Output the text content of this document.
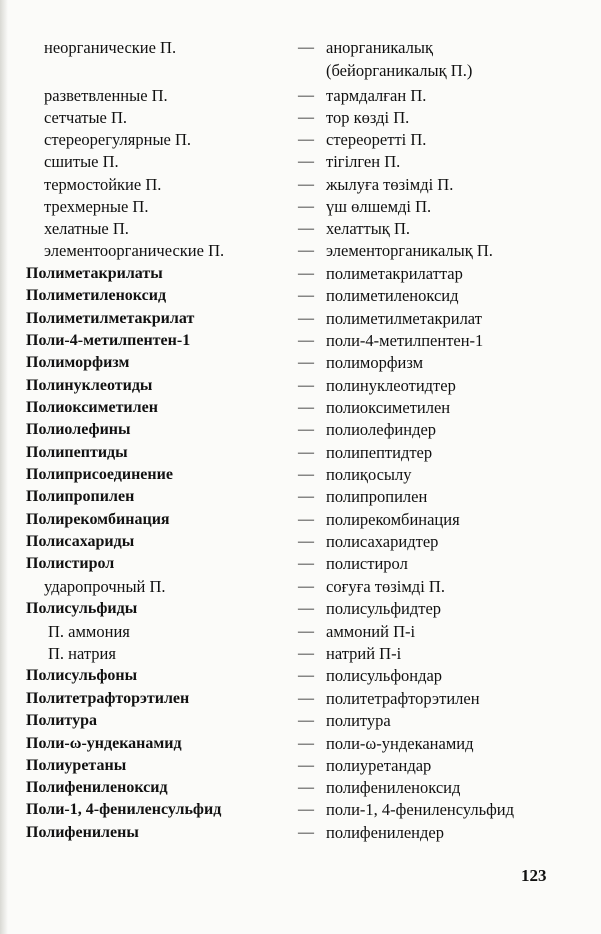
неорганические П.	— анорганикалық
(бейорганикалық П.)
разветвленные П.	— тармдалған П.
сетчатые П.	— тор көзді П.
стереорегулярные П.	— стереоретті П.
сшитые П.	— тігілген П.
термостойкие П.	— жылуға төзімді П.
трехмерные П.	— үш өлшемді П.
хелатные П.	— хелаттық П.
элементоорганические П.	— элементорганикалық П.
Полиметакрилаты	— полиметакрилаттар
Полиметиленоксид	— полиметиленоксид
Полиметилметакрилат	— полиметилметакрилат
Поли-4-метилпентен-1	— поли-4-метилпентен-1
Полиморфизм	— полиморфизм
Полинуклеотиды	— полинуклеотидтер
Полиоксиметилен	— полиоксиметилен
Полиолефины	— полиолефиндер
Полипептиды	— полипептидтер
Полиприсоединение	— полиқосылу
Полипропилен	— полипропилен
Полирекомбинация	— полирекомбинация
Полисахариды	— полисахаридтер
Полистирол	— полистирол
ударопрочный П.	— соғуға төзімді П.
Полисульфиды	— полисульфидтер
П. аммония	— аммоний П-і
П. натрия	— натрий П-і
Полисульфоны	— полисульфондар
Политетрафторэтилен	— политетрафторэтилен
Политура	— политура
Поли-ω-ундеканамид	— поли-ω-ундеканамид
Полиуретаны	— полиуретандар
Полифениленоксид	— полифениленоксид
Поли-1, 4-фениленсульфид	— поли-1, 4-фениленсульфид
Полифенилены	— полифенилендер
123
